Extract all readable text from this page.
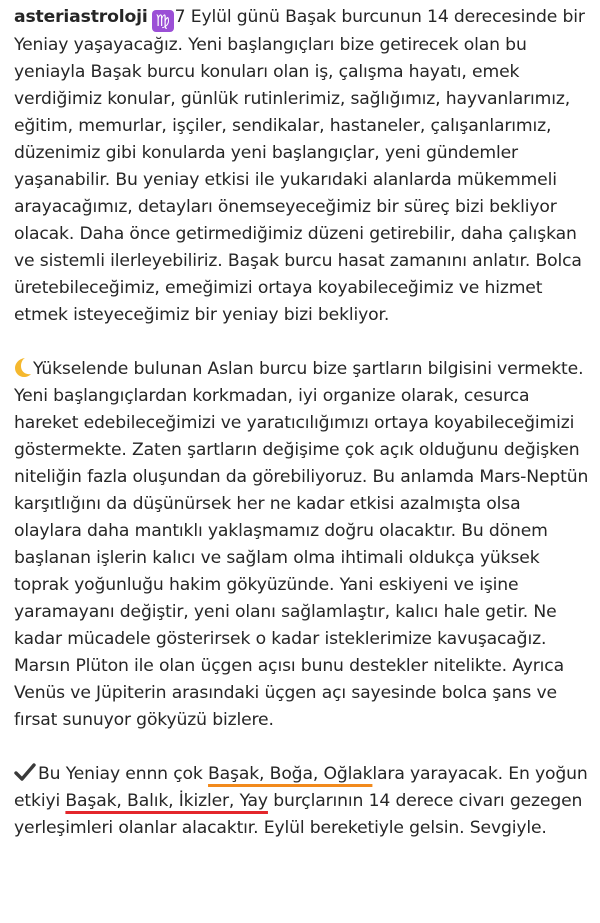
asteriastroloji ♍ 7 Eylül günü Başak burcunun 14 derecesinde bir Yeniay yaşayacağız. Yeni başlangıçları bize getirecek olan bu yeniayla Başak burcu konuları olan iş, çalışma hayatı, emek verdiğimiz konular, günlük rutinlerimiz, sağlığımız, hayvanlarımız, eğitim, memurlar, işçiler, sendikalar, hastaneler, çalışanlarımız, düzenimiz gibi konularda yeni başlangıçlar, yeni gündemler yaşanabilir. Bu yeniay etkisi ile yukarıdaki alanlarda mükemmeli arayacağımız, detayları önemseyeceğimiz bir süreç bizi bekliyor olacak. Daha önce getirmediğimiz düzeni getirebilir, daha çalışkan ve sistemli ilerleyebiliriz. Başak burcu hasat zamanını anlatır. Bolca üretebileceğimiz, emeğimizi ortaya koyabileceğimiz ve hizmet etmek isteyeceğimiz bir yeniay bizi bekliyor.

Yükselende bulunan Aslan burcu bize şartların bilgisini vermekte. Yeni başlangıçlardan korkmadan, iyi organize olarak, cesurca hareket edebileceğimizi ve yaratıcılığımızı ortaya koyabileceğimizi göstermekte. Zaten şartların değişime çok açık olduğunu değişken niteliğin fazla oluşundan da görebiliyoruz. Bu anlamda Mars-Neptün karşıtlığını da düşünürsek her ne kadar etkisi azalmışta olsa olaylara daha mantıklı yaklaşmamız doğru olacaktır. Bu dönem başlanan işlerin kalıcı ve sağlam olma ihtimali oldukça yüksek toprak yoğunluğu hakim gökyüzünde. Yani eskiyeni ve işine yaramayanı değiştir, yeni olanı sağlamlaştır, kalıcı hale getir. Ne kadar mücadele gösterirsek o kadar isteklerimize kavuşacağız. Marsın Plüton ile olan üçgen açısı bunu destekler nitelikte. Ayrıca Venüs ve Jüpiterin arasındaki üçgen açı sayesinde bolca şans ve fırsat sunuyor gökyüzü bizlere.

Bu Yeniay ennn çok Başak, Boğa, Oğlaklara yarayacak. En yoğun etkiyi Başak, Balık, İkizler, Yay burçlarının 14 derece civarı gezegen yerleşimleri olanlar alacaktır. Eylül bereketiyle gelsin. Sevgiyle.
